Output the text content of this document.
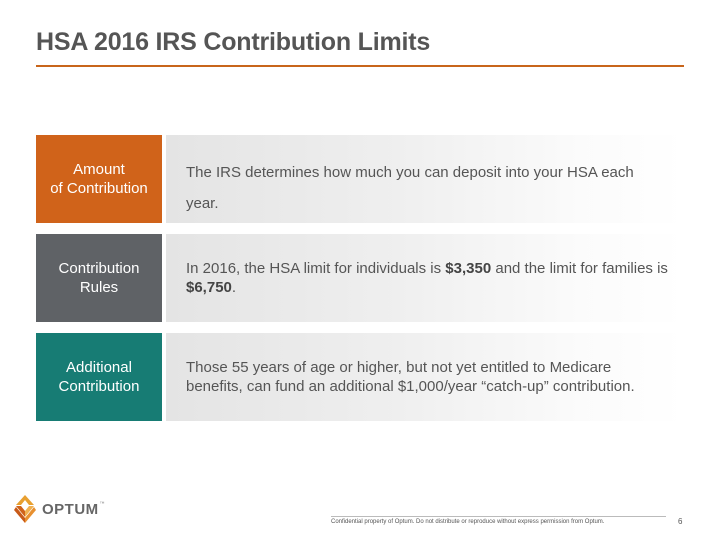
HSA 2016 IRS Contribution Limits
Amount
of Contribution
The IRS determines how much you can deposit into your HSA each year.
Contribution
Rules
In 2016, the HSA limit for individuals is $3,350 and the limit for families is $6,750.
Additional
Contribution
Those 55 years of age or higher, but not yet entitled to Medicare benefits, can fund an additional $1,000/year “catch-up” contribution.
OPTUM ™
Confidential property of Optum. Do not distribute or reproduce without express permission from Optum.	6
